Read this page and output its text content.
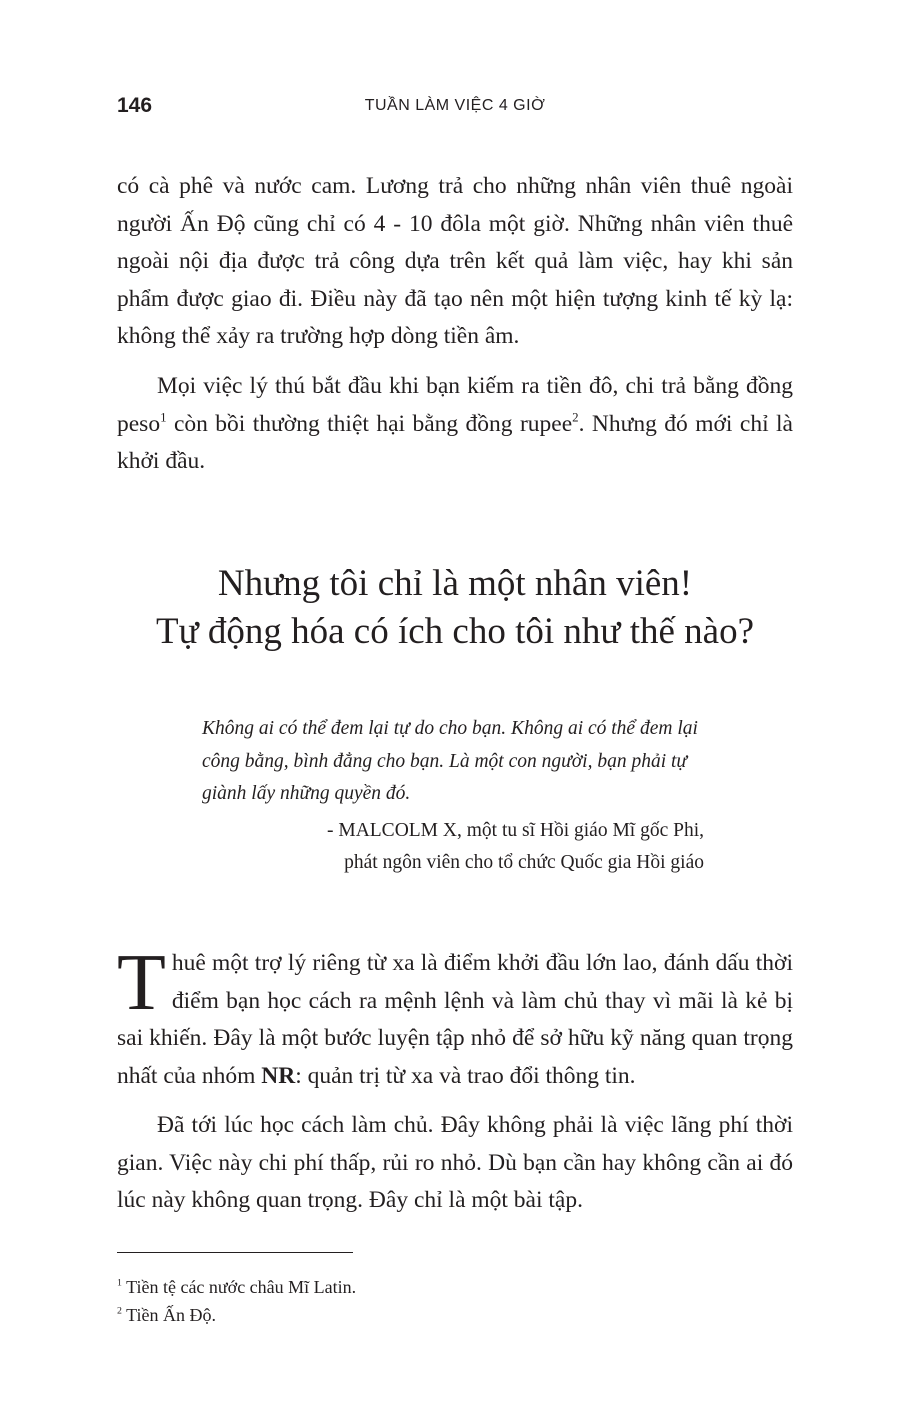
146	TUẦN LÀM VIỆC 4 GIỜ

có cà phê và nước cam. Lương trả cho những nhân viên thuê ngoài người Ấn Độ cũng chỉ có 4 - 10 đôla một giờ. Những nhân viên thuê ngoài nội địa được trả công dựa trên kết quả làm việc, hay khi sản phẩm được giao đi. Điều này đã tạo nên một hiện tượng kinh tế kỳ lạ: không thể xảy ra trường hợp dòng tiền âm.

Mọi việc lý thú bắt đầu khi bạn kiếm ra tiền đô, chi trả bằng đồng peso$^1$ còn bồi thường thiệt hại bằng đồng rupee$^2$. Nhưng đó mới chỉ là khởi đầu.

Nhưng tôi chỉ là một nhân viên!
Tự động hóa có ích cho tôi như thế nào?

Không ai có thể đem lại tự do cho bạn. Không ai có thể đem lại công bằng, bình đẳng cho bạn. Là một con người, bạn phải tự giành lấy những quyền đó.

- MALCOLM X, một tu sĩ Hồi giáo Mĩ gốc Phi,
phát ngôn viên cho tổ chức Quốc gia Hồi giáo

Thuê một trợ lý riêng từ xa là điểm khởi đầu lớn lao, đánh dấu thời điểm bạn học cách ra mệnh lệnh và làm chủ thay vì mãi là kẻ bị sai khiến. Đây là một bước luyện tập nhỏ để sở hữu kỹ năng quan trọng nhất của nhóm NR: quản trị từ xa và trao đổi thông tin.

Đã tới lúc học cách làm chủ. Đây không phải là việc lãng phí thời gian. Việc này chi phí thấp, rủi ro nhỏ. Dù bạn cần hay không cần ai đó lúc này không quan trọng. Đây chỉ là một bài tập.

$^1$ Tiền tệ các nước châu Mĩ Latin.
$^2$ Tiền Ấn Độ.
